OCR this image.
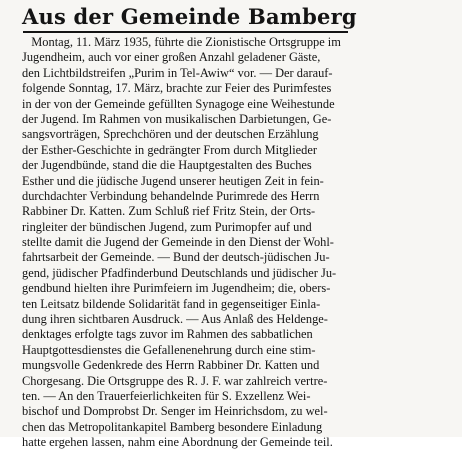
Aus der Gemeinde Bamberg
Montag, 11. März 1935, führte die Zionistische Ortsgruppe im
Jugendheim, auch vor einer großen Anzahl geladener Gäste,
den Lichtbildstreifen „Purim in Tel-Awiw“ vor. — Der darauf-
folgende Sonntag, 17. März, brachte zur Feier des Purimfestes
in der von der Gemeinde gefüllten Synagoge eine Weihestunde
der Jugend. Im Rahmen von musikalischen Darbietungen, Ge-
sangsvorträgen, Sprechchören und der deutschen Erzählung
der Esther-Geschichte in gedrängter From durch Mitglieder
der Jugendbünde, stand die die Hauptgestalten des Buches
Esther und die jüdische Jugend unserer heutigen Zeit in fein-
durchdachter Verbindung behandelnde Purimrede des Herrn
Rabbiner Dr. Katten. Zum Schluß rief Fritz Stein, der Orts-
ringleiter der bündischen Jugend, zum Purimopfer auf und
stellte damit die Jugend der Gemeinde in den Dienst der Wohl-
fahrtsarbeit der Gemeinde. — Bund der deutsch-jüdischen Ju-
gend, jüdischer Pfadfinderbund Deutschlands und jüdischer Ju-
gendbund hielten ihre Purimfeiern im Jugendheim; die, obers-
ten Leitsatz bildende Solidarität fand in gegenseitiger Einla-
dung ihren sichtbaren Ausdruck. — Aus Anlaß des Heldenge-
denktages erfolgte tags zuvor im Rahmen des sabbatlichen
Hauptgottesdienstes die Gefallenenehrung durch eine stim-
mungsvolle Gedenkrede des Herrn Rabbiner Dr. Katten und
Chorgesang. Die Ortsgruppe des R. J. F. war zahlreich vertre-
ten. — An den Trauerfeierlichkeiten für S. Exzellenz Wei-
bischof und Domprobst Dr. Senger im Heinrichsdom, zu wel-
chen das Metropolitankapitel Bamberg besondere Einladung
hatte ergehen lassen, nahm eine Abordnung der Gemeinde teil.
